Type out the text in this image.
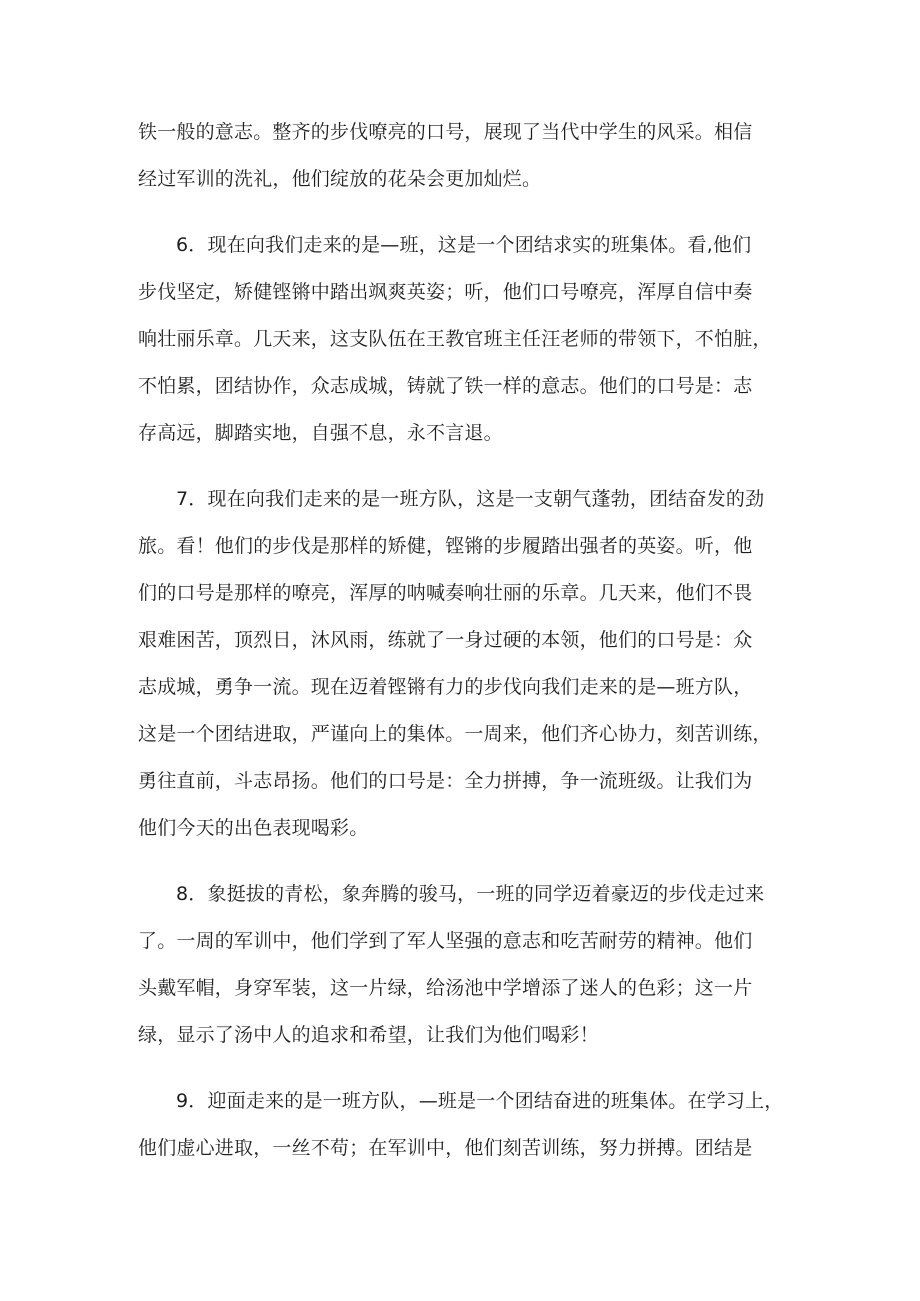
铁一般的意志。整齐的步伐嘹亮的口号，展现了当代中学生的风采。相信
经过军训的洗礼，他们绽放的花朵会更加灿烂。
6．现在向我们走来的是—班，这是一个团结求实的班集体。看,他们
步伐坚定，矫健铿锵中踏出飒爽英姿；听，他们口号嘹亮，浑厚自信中奏
响壮丽乐章。几天来，这支队伍在王教官班主任汪老师的带领下，不怕脏，
不怕累，团结协作，众志成城，铸就了铁一样的意志。他们的口号是：志
存高远，脚踏实地，自强不息，永不言退。
7．现在向我们走来的是一班方队，这是一支朝气蓬勃，团结奋发的劲
旅。看！他们的步伐是那样的矫健，铿锵的步履踏出强者的英姿。听，他
们的口号是那样的嘹亮，浑厚的呐喊奏响壮丽的乐章。几天来，他们不畏
艰难困苦，顶烈日，沐风雨，练就了一身过硬的本领，他们的口号是：众
志成城，勇争一流。现在迈着铿锵有力的步伐向我们走来的是—班方队，
这是一个团结进取，严谨向上的集体。一周来，他们齐心协力，刻苦训练，
勇往直前，斗志昂扬。他们的口号是：全力拼搏，争一流班级。让我们为
他们今天的出色表现喝彩。
8．象挺拔的青松，象奔腾的骏马，一班的同学迈着豪迈的步伐走过来
了。一周的军训中，他们学到了军人坚强的意志和吃苦耐劳的精神。他们
头戴军帽，身穿军装，这一片绿，给汤池中学增添了迷人的色彩；这一片
绿，显示了汤中人的追求和希望，让我们为他们喝彩！
9．迎面走来的是一班方队，—班是一个团结奋进的班集体。在学习上，
他们虚心进取，一丝不苟；在军训中，他们刻苦训练，努力拼搏。团结是
